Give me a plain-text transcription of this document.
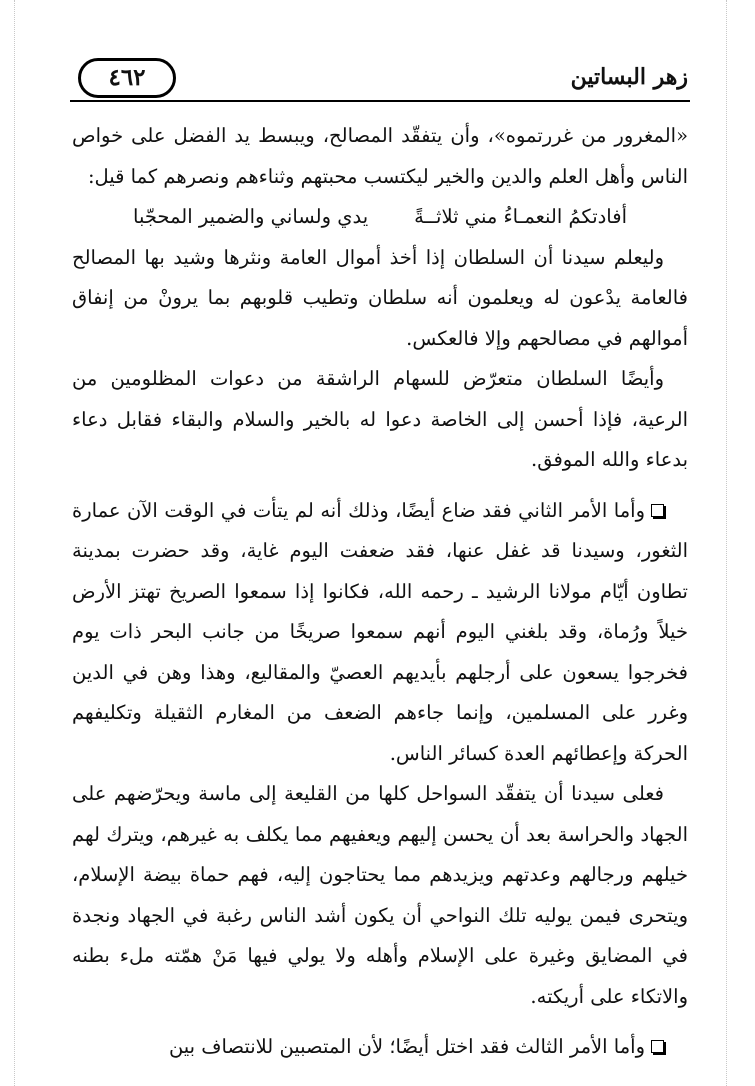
٤٦٢	زهر البساتين

«المغرور من غررتموه»، وأن يتفقّد المصالح، ويبسط يد الفضل على خواص الناس وأهل العلم والدين والخير ليكتسب محبتهم وثناءهم ونصرهم كما قيل:

أفادتكمُ النعمـاءُ مني ثلاثــةً
يدي ولساني والضمير المحجّبا

وليعلم سيدنا أن السلطان إذا أخذ أموال العامة ونثرها وشيد بها المصالح فالعامة يدْعون له ويعلمون أنه سلطان وتطيب قلوبهم بما يرونْ من إنفاق أموالهم في مصالحهم وإلا فالعكس.

وأيضًا السلطان متعرّض للسهام الراشقة من دعوات المظلومين من الرعية، فإذا أحسن إلى الخاصة دعوا له بالخير والسلام والبقاء فقابل دعاء بدعاء والله الموفق.

وأما الأمر الثاني فقد ضاع أيضًا، وذلك أنه لم يتأت في الوقت الآن عمارة الثغور، وسيدنا قد غفل عنها، فقد ضعفت اليوم غاية، وقد حضرت بمدينة تطاون أيّام مولانا الرشيد ـ رحمه الله، فكانوا إذا سمعوا الصريخ تهتز الأرض خيلاً ورُماة، وقد بلغني اليوم أنهم سمعوا صريخًا من جانب البحر ذات يوم فخرجوا يسعون على أرجلهم بأيديهم العصيّ والمقاليع، وهذا وهن في الدين وغرر على المسلمين، وإنما جاءهم الضعف من المغارم الثقيلة وتكليفهم الحركة وإعطائهم العدة كسائر الناس.

فعلى سيدنا أن يتفقّد السواحل كلها من القليعة إلى ماسة ويحرّضهم على الجهاد والحراسة بعد أن يحسن إليهم ويعفيهم مما يكلف به غيرهم، ويترك لهم خيلهم ورجالهم وعدتهم ويزيدهم مما يحتاجون إليه، فهم حماة بيضة الإسلام، ويتحرى فيمن يوليه تلك النواحي أن يكون أشد الناس رغبة في الجهاد ونجدة في المضايق وغيرة على الإسلام وأهله ولا يولي فيها مَنْ همّته ملء بطنه والاتكاء على أريكته.

وأما الأمر الثالث فقد اختل أيضًا؛ لأن المتصبين للانتصاف بين
